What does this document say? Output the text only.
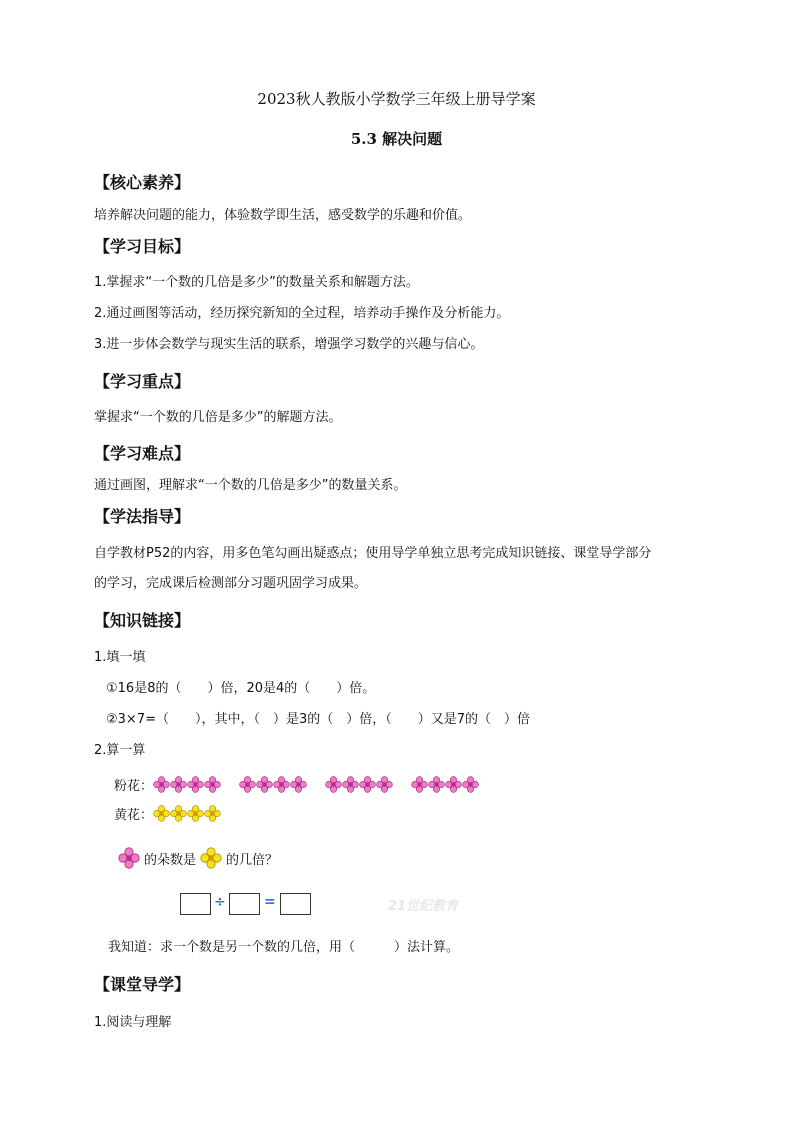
2023秋人教版小学数学三年级上册导学案
5.3 解决问题
【核心素养】
培养解决问题的能力，体验数学即生活，感受数学的乐趣和价值。
【学习目标】
1.掌握求“一个数的几倍是多少”的数量关系和解题方法。
2.通过画图等活动，经历探究新知的全过程，培养动手操作及分析能力。
3.进一步体会数学与现实生活的联系，增强学习数学的兴趣与信心。
【学习重点】
掌握求“一个数的几倍是多少”的解题方法。
【学习难点】
通过画图，理解求“一个数的几倍是多少”的数量关系。
【学法指导】
自学教材P52的内容，用多色笔勾画出疑惑点；使用导学单独立思考完成知识链接、课堂导学部分
的学习，完成课后检测部分习题巩固学习成果。
【知识链接】
1.填一填
①16是8的（　　）倍，20是4的（　　）倍。
②3×7=（　　），其中，（　）是3的（　）倍，（　　）又是7的（　）倍
2.算一算
粉花：
黄花：
的朵数是 的几倍？
÷	=	21世纪教育
我知道：求一个数是另一个数的几倍，用（　　　）法计算。
【课堂导学】
1.阅读与理解
